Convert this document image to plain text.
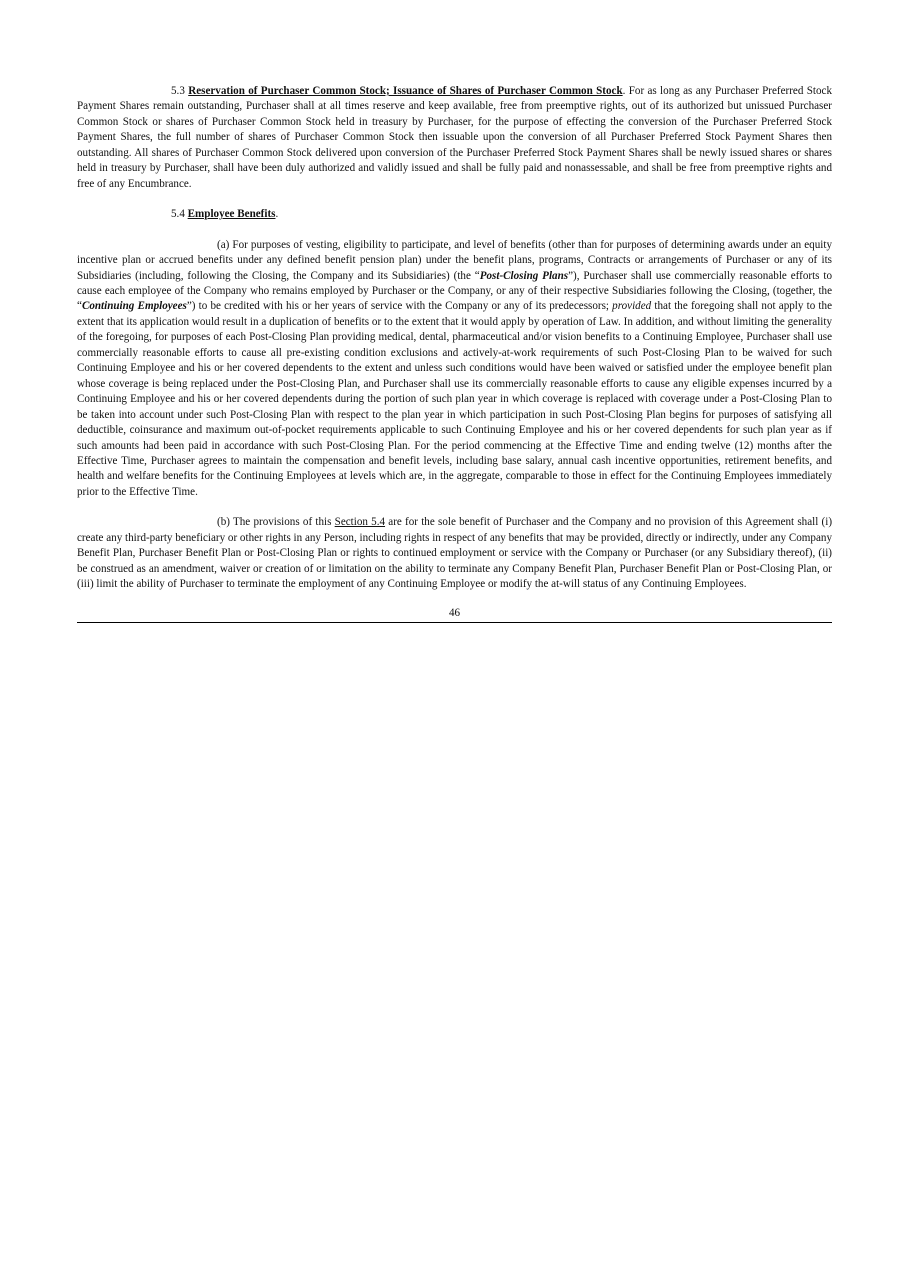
5.3 Reservation of Purchaser Common Stock; Issuance of Shares of Purchaser Common Stock. For as long as any Purchaser Preferred Stock Payment Shares remain outstanding, Purchaser shall at all times reserve and keep available, free from preemptive rights, out of its authorized but unissued Purchaser Common Stock or shares of Purchaser Common Stock held in treasury by Purchaser, for the purpose of effecting the conversion of the Purchaser Preferred Stock Payment Shares, the full number of shares of Purchaser Common Stock then issuable upon the conversion of all Purchaser Preferred Stock Payment Shares then outstanding. All shares of Purchaser Common Stock delivered upon conversion of the Purchaser Preferred Stock Payment Shares shall be newly issued shares or shares held in treasury by Purchaser, shall have been duly authorized and validly issued and shall be fully paid and nonassessable, and shall be free from preemptive rights and free of any Encumbrance.

5.4 Employee Benefits.

(a) For purposes of vesting, eligibility to participate, and level of benefits (other than for purposes of determining awards under an equity incentive plan or accrued benefits under any defined benefit pension plan) under the benefit plans, programs, Contracts or arrangements of Purchaser or any of its Subsidiaries (including, following the Closing, the Company and its Subsidiaries) (the “Post-Closing Plans”), Purchaser shall use commercially reasonable efforts to cause each employee of the Company who remains employed by Purchaser or the Company, or any of their respective Subsidiaries following the Closing, (together, the “Continuing Employees”) to be credited with his or her years of service with the Company or any of its predecessors; provided that the foregoing shall not apply to the extent that its application would result in a duplication of benefits or to the extent that it would apply by operation of Law. In addition, and without limiting the generality of the foregoing, for purposes of each Post-Closing Plan providing medical, dental, pharmaceutical and/or vision benefits to a Continuing Employee, Purchaser shall use commercially reasonable efforts to cause all pre-existing condition exclusions and actively-at-work requirements of such Post-Closing Plan to be waived for such Continuing Employee and his or her covered dependents to the extent and unless such conditions would have been waived or satisfied under the employee benefit plan whose coverage is being replaced under the Post-Closing Plan, and Purchaser shall use its commercially reasonable efforts to cause any eligible expenses incurred by a Continuing Employee and his or her covered dependents during the portion of such plan year in which coverage is replaced with coverage under a Post-Closing Plan to be taken into account under such Post-Closing Plan with respect to the plan year in which participation in such Post-Closing Plan begins for purposes of satisfying all deductible, coinsurance and maximum out-of-pocket requirements applicable to such Continuing Employee and his or her covered dependents for such plan year as if such amounts had been paid in accordance with such Post-Closing Plan. For the period commencing at the Effective Time and ending twelve (12) months after the Effective Time, Purchaser agrees to maintain the compensation and benefit levels, including base salary, annual cash incentive opportunities, retirement benefits, and health and welfare benefits for the Continuing Employees at levels which are, in the aggregate, comparable to those in effect for the Continuing Employees immediately prior to the Effective Time.

(b) The provisions of this Section 5.4 are for the sole benefit of Purchaser and the Company and no provision of this Agreement shall (i) create any third-party beneficiary or other rights in any Person, including rights in respect of any benefits that may be provided, directly or indirectly, under any Company Benefit Plan, Purchaser Benefit Plan or Post-Closing Plan or rights to continued employment or service with the Company or Purchaser (or any Subsidiary thereof), (ii) be construed as an amendment, waiver or creation of or limitation on the ability to terminate any Company Benefit Plan, Purchaser Benefit Plan or Post-Closing Plan, or (iii) limit the ability of Purchaser to terminate the employment of any Continuing Employee or modify the at-will status of any Continuing Employees.

46
